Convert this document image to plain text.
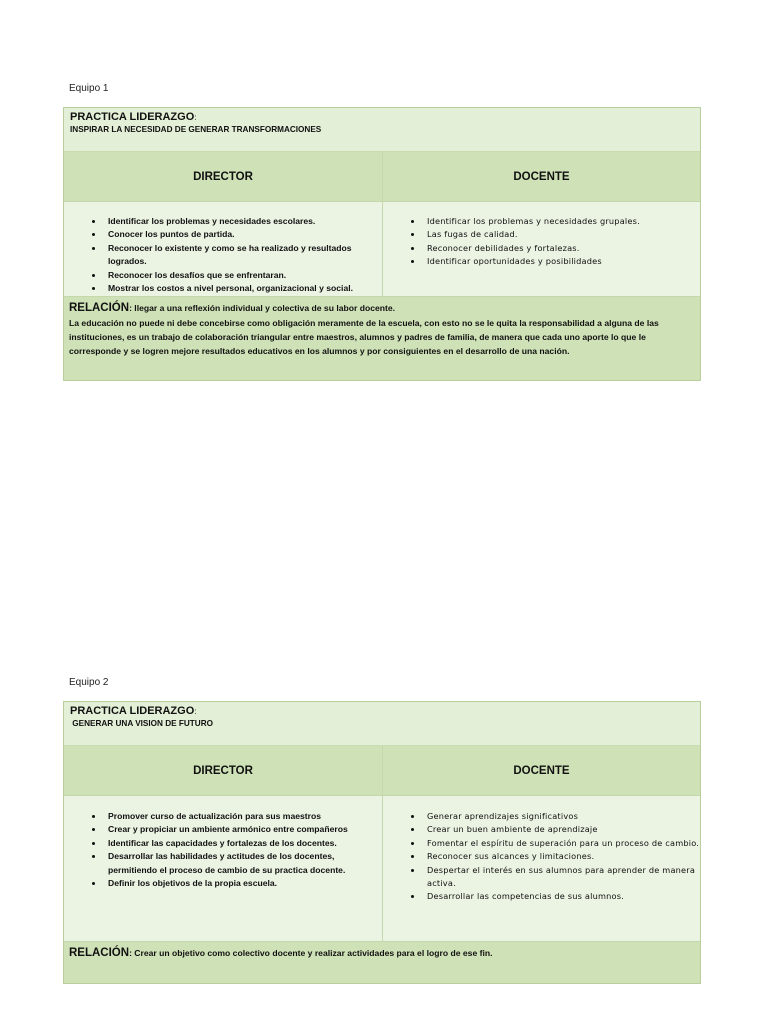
Equipo 1
PRACTICA LIDERAZGO:
INSPIRAR LA NECESIDAD DE GENERAR TRANSFORMACIONES
DIRECTOR	DOCENTE
• Identificar los problemas y necesidades escolares.
• Conocer los puntos de partida.
• Reconocer lo existente y como se ha realizado y resultados logrados.
• Reconocer los desafíos que se enfrentaran.
• Mostrar los costos a nivel personal, organizacional y social.
• Identificar los problemas y necesidades grupales.
• Las fugas de calidad.
• Reconocer debilidades y fortalezas.
• Identificar oportunidades y posibilidades
RELACIÓN: llegar a una reflexión individual y colectiva de su labor docente.
La educación no puede ni debe concebirse como obligación meramente de la escuela, con esto no se le quita la responsabilidad a alguna de las instituciones, es un trabajo de colaboración triangular entre maestros, alumnos y padres de familia, de manera que cada uno aporte lo que le corresponde y se logren mejore resultados educativos en los alumnos y por consiguientes en el desarrollo de una nación.
Equipo 2
PRACTICA LIDERAZGO:
GENERAR UNA VISION DE FUTURO
DIRECTOR	DOCENTE
• Promover curso de actualización para sus maestros
• Crear y propiciar un ambiente armónico entre compañeros
• Identificar las capacidades y fortalezas de los docentes.
• Desarrollar las habilidades y actitudes de los docentes, permitiendo el proceso de cambio de su practica docente.
• Definir los objetivos de la propia escuela.
• Generar aprendizajes significativos
• Crear un buen ambiente de aprendizaje
• Fomentar el espíritu de superación para un proceso de cambio.
• Reconocer sus alcances y limitaciones.
• Despertar el interés en sus alumnos para aprender de manera activa.
• Desarrollar las competencias de sus alumnos.
RELACIÓN: Crear un objetivo como colectivo docente y realizar actividades para el logro de ese fin.
